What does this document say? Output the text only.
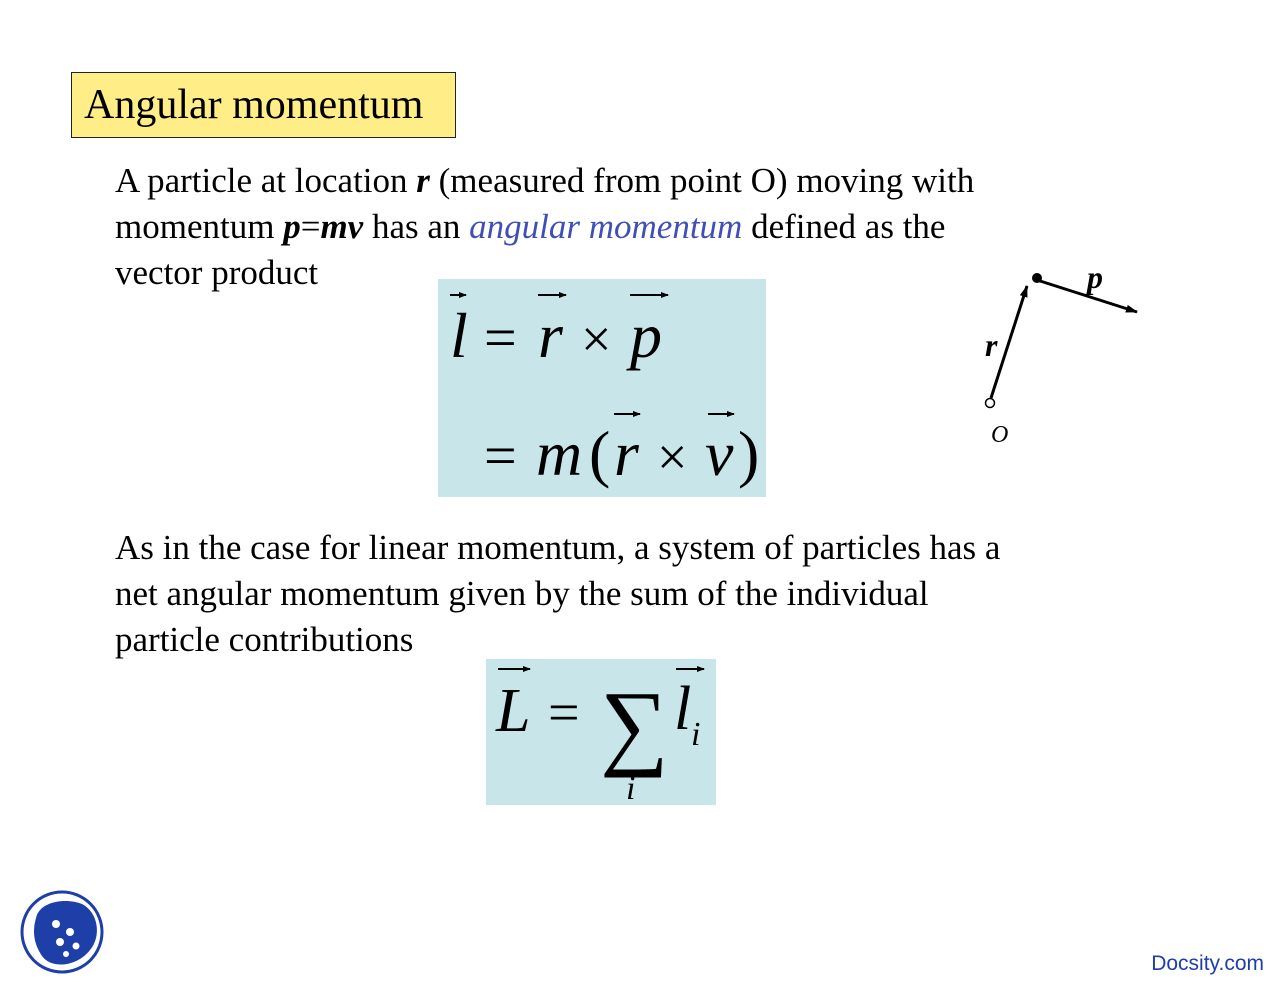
Angular momentum

A particle at location r (measured from point O) moving with
momentum p=mv has an angular momentum defined as the
vector product

l = r × p
= m ( r × v )
p
r
O

As in the case for linear momentum, a system of particles has a
net angular momentum given by the sum of the individual
particle contributions

L = ∑
i
l i
Docsity.com
